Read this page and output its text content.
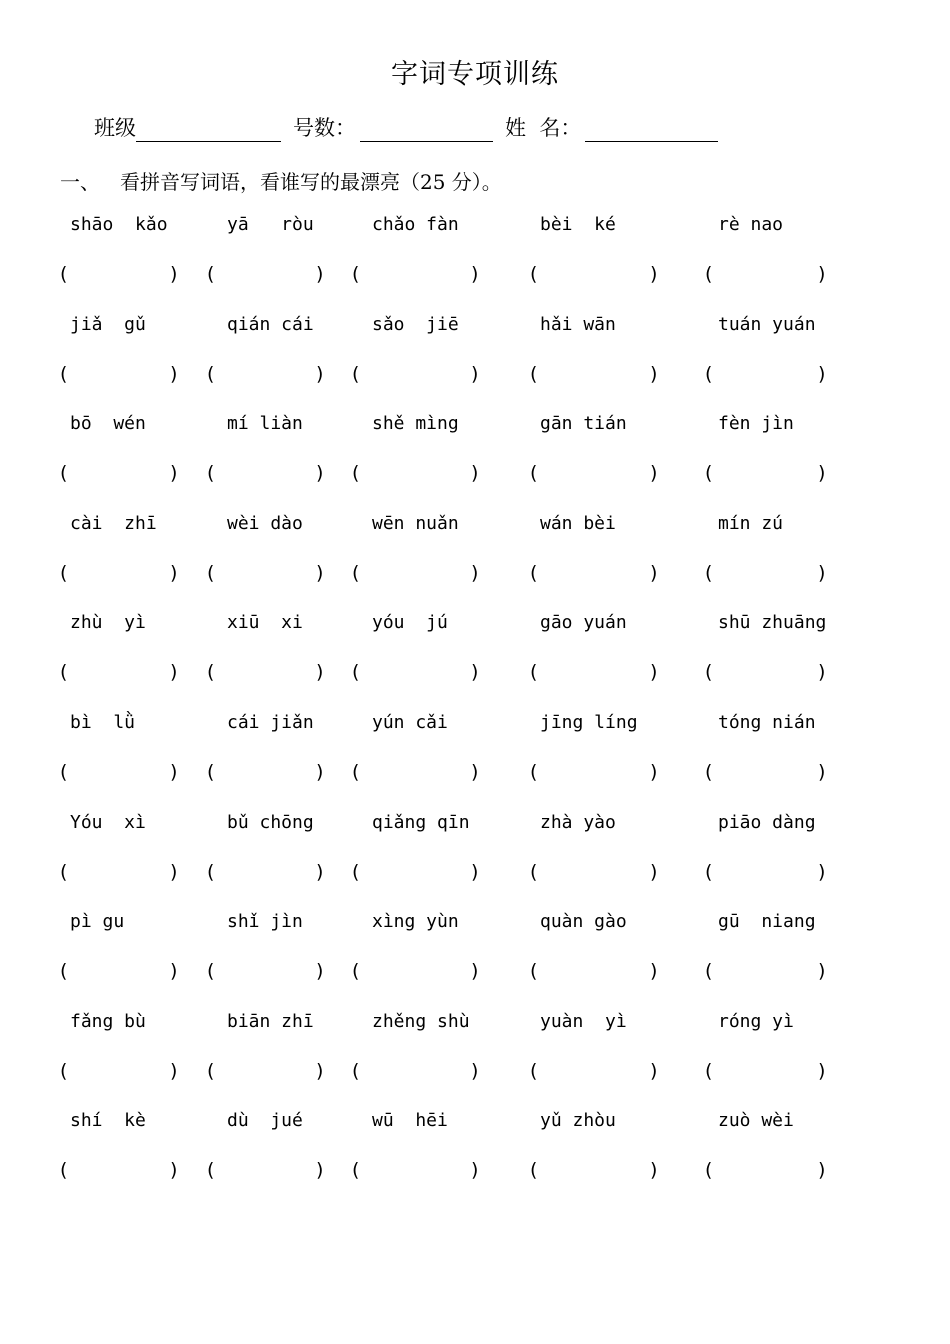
字词专项训练
班级	号数：	姓  名：
一、 看拼音写词语，看谁写的最漂亮（25 分）。
shāo  kǎo	yā   ròu	chǎo fàn	bèi  ké	rè nao
(	) (	) (	)	(	)	(	)
jiǎ  gǔ	qián cái	sǎo  jiē	hǎi wān	tuán yuán
(	) (	) (	)	(	)	(	)
bō  wén	mí liàn	shě mìng	gān tián	fèn jìn
(	) (	) (	)	(	)	(	)
cài  zhī	wèi dào	wēn nuǎn	wán bèi	mín zú
(	) (	) (	)	(	)	(	)
zhù  yì	xiū  xi	yóu  jú	gāo yuán	shū zhuāng
(	) (	) (	)	(	)	(	)
bì  lǜ	cái jiǎn	yún cǎi	jīng líng	tóng nián
(	) (	) (	)	(	)	(	)
Yóu  xì	bǔ chōng	qiǎng qīn	zhà yào	piāo dàng
(	) (	) (	)	(	)	(	)
pì gu	shǐ jìn	xìng yùn	quàn gào	gū  niang
(	) (	) (	)	(	)	(	)
fǎng bù	biān zhī	zhěng shù	yuàn  yì	róng yì
(	) (	) (	)	(	)	(	)
shí  kè	dù  jué	wū  hēi	yǔ zhòu	zuò wèi
(	) (	) (	)	(	)	(	)
